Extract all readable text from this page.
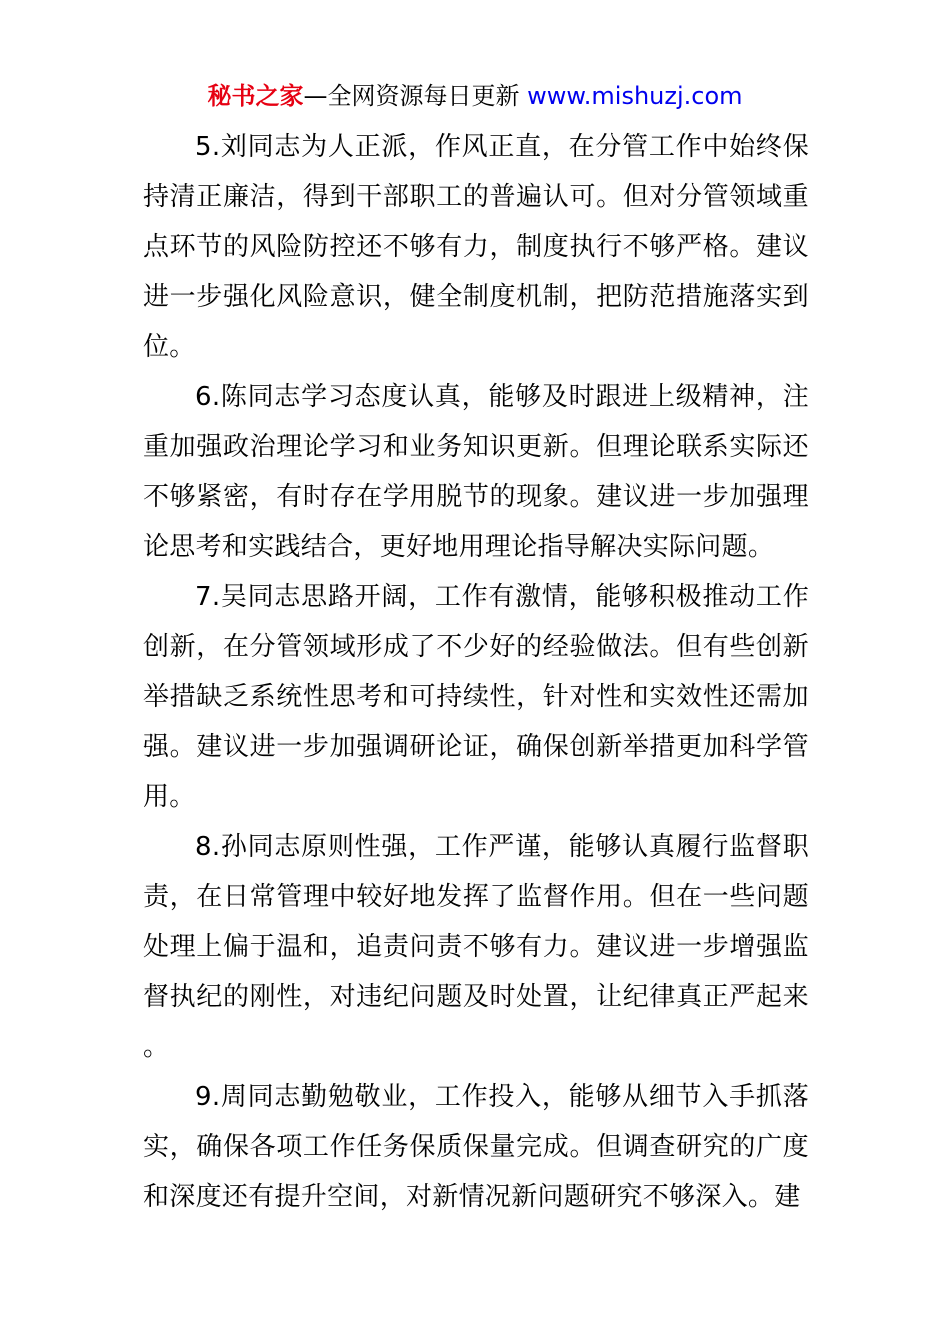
秘书之家—全网资源每日更新 www.mishuzj.com

5.刘同志为人正派，作风正直，在分管工作中始终保持清正廉洁，得到干部职工的普遍认可。但对分管领域重点环节的风险防控还不够有力，制度执行不够严格。建议进一步强化风险意识，健全制度机制，把防范措施落实到位。

6.陈同志学习态度认真，能够及时跟进上级精神，注重加强政治理论学习和业务知识更新。但理论联系实际还不够紧密，有时存在学用脱节的现象。建议进一步加强理论思考和实践结合，更好地用理论指导解决实际问题。

7.吴同志思路开阔，工作有激情，能够积极推动工作创新，在分管领域形成了不少好的经验做法。但有些创新举措缺乏系统性思考和可持续性，针对性和实效性还需加强。建议进一步加强调研论证，确保创新举措更加科学管用。

8.孙同志原则性强，工作严谨，能够认真履行监督职责，在日常管理中较好地发挥了监督作用。但在一些问题处理上偏于温和，追责问责不够有力。建议进一步增强监督执纪的刚性，对违纪问题及时处置，让纪律真正严起来。

9.周同志勤勉敬业，工作投入，能够从细节入手抓落实，确保各项工作任务保质保量完成。但调查研究的广度和深度还有提升空间，对新情况新问题研究不够深入。建
